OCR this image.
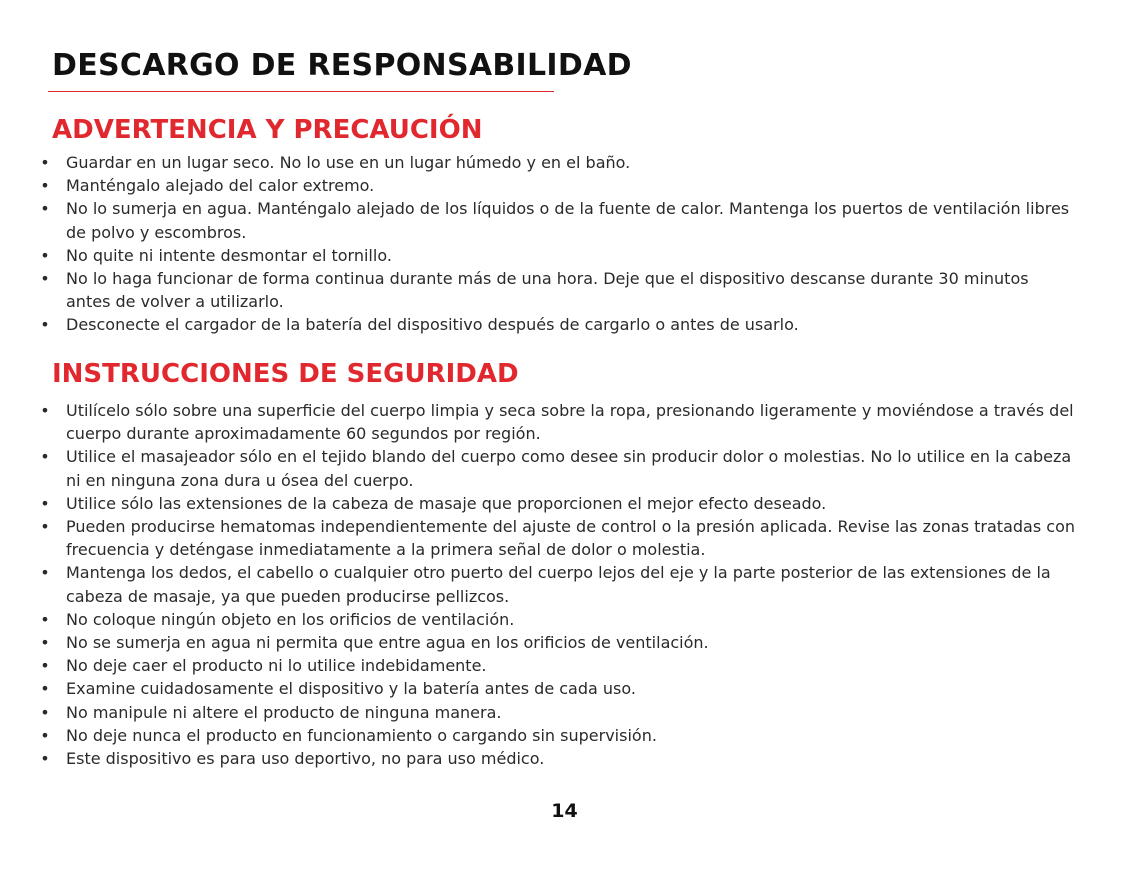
DESCARGO DE RESPONSABILIDAD
ADVERTENCIA Y PRECAUCIÓN
• Guardar en un lugar seco. No lo use en un lugar húmedo y en el baño.
• Manténgalo alejado del calor extremo.
• No lo sumerja en agua. Manténgalo alejado de los líquidos o de la fuente de calor. Mantenga los puertos de ventilación libres de polvo y escombros.
• No quite ni intente desmontar el tornillo.
• No lo haga funcionar de forma continua durante más de una hora. Deje que el dispositivo descanse durante 30 minutos antes de volver a utilizarlo.
• Desconecte el cargador de la batería del dispositivo después de cargarlo o antes de usarlo.
INSTRUCCIONES DE SEGURIDAD
• Utilícelo sólo sobre una superficie del cuerpo limpia y seca sobre la ropa, presionando ligeramente y moviéndose a través del cuerpo durante aproximadamente 60 segundos por región.
• Utilice el masajeador sólo en el tejido blando del cuerpo como desee sin producir dolor o molestias. No lo utilice en la cabeza ni en ninguna zona dura u ósea del cuerpo.
• Utilice sólo las extensiones de la cabeza de masaje que proporcionen el mejor efecto deseado.
• Pueden producirse hematomas independientemente del ajuste de control o la presión aplicada. Revise las zonas tratadas con frecuencia y deténgase inmediatamente a la primera señal de dolor o molestia.
• Mantenga los dedos, el cabello o cualquier otro puerto del cuerpo lejos del eje y la parte posterior de las extensiones de la cabeza de masaje, ya que pueden producirse pellizcos.
• No coloque ningún objeto en los orificios de ventilación.
• No se sumerja en agua ni permita que entre agua en los orificios de ventilación.
• No deje caer el producto ni lo utilice indebidamente.
• Examine cuidadosamente el dispositivo y la batería antes de cada uso.
• No manipule ni altere el producto de ninguna manera.
• No deje nunca el producto en funcionamiento o cargando sin supervisión.
• Este dispositivo es para uso deportivo, no para uso médico.
14
